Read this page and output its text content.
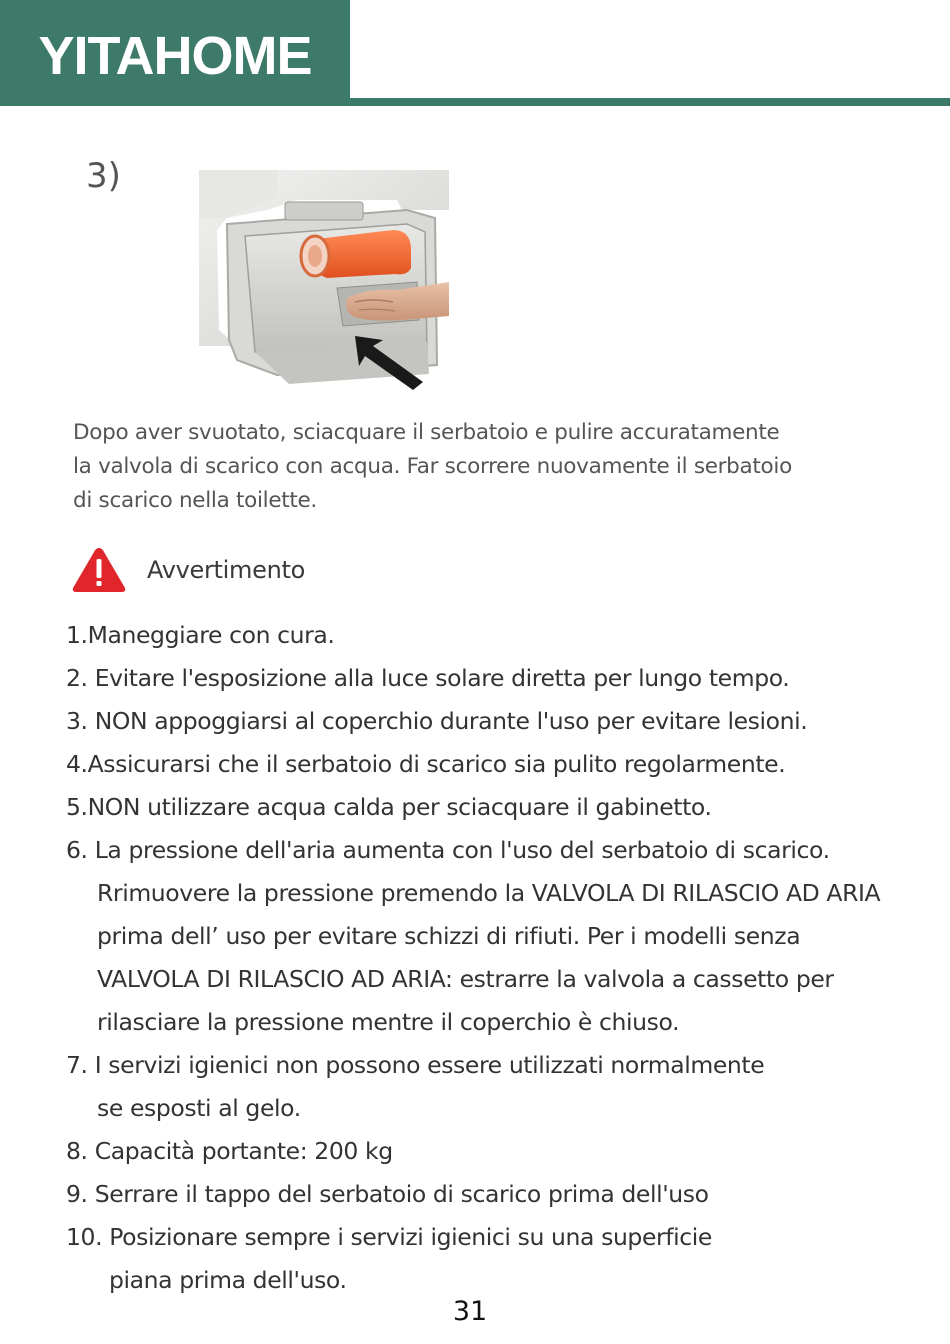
YITAHOME
3)
Dopo aver svuotato, sciacquare il serbatoio e pulire accuratamente
la valvola di scarico con acqua. Far scorrere nuovamente il serbatoio
di scarico nella toilette.
Avvertimento
1.Maneggiare con cura.
2. Evitare l'esposizione alla luce solare diretta per lungo tempo.
3. NON appoggiarsi al coperchio durante l'uso per evitare lesioni.
4.Assicurarsi che il serbatoio di scarico sia pulito regolarmente.
5.NON utilizzare acqua calda per sciacquare il gabinetto.
6. La pressione dell'aria aumenta con l'uso del serbatoio di scarico.
Rrimuovere la pressione premendo la VALVOLA DI RILASCIO AD ARIA
prima dell’ uso per evitare schizzi di rifiuti. Per i modelli senza
VALVOLA DI RILASCIO AD ARIA: estrarre la valvola a cassetto per
rilasciare la pressione mentre il coperchio è chiuso.
7. I servizi igienici non possono essere utilizzati normalmente
se esposti al gelo.
8. Capacità portante: 200 kg
9. Serrare il tappo del serbatoio di scarico prima dell'uso
10. Posizionare sempre i servizi igienici su una superficie
piana prima dell'uso.
31
